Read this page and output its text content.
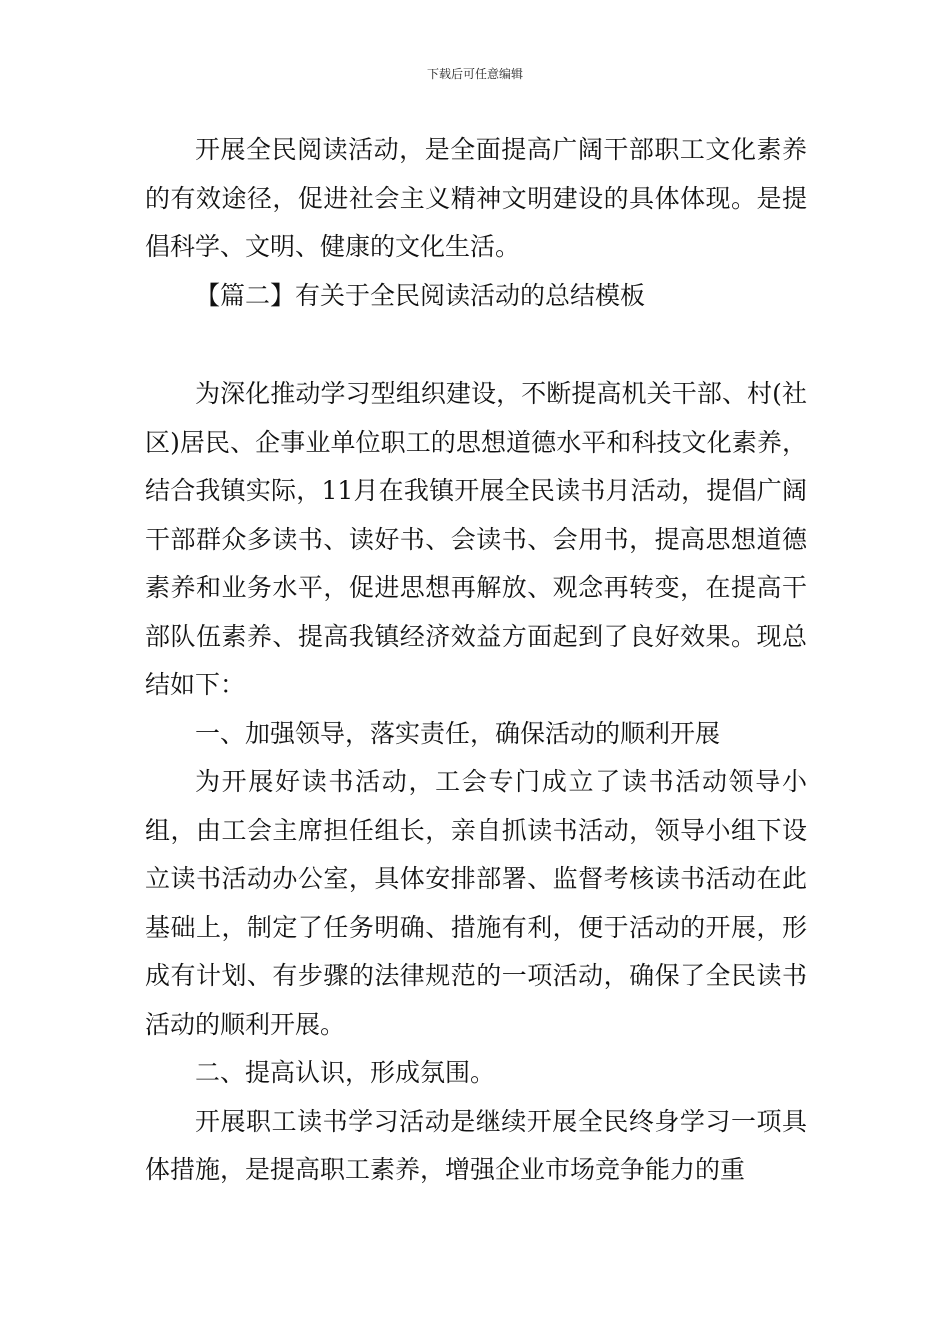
下载后可任意编辑

开展全民阅读活动，是全面提高广阔干部职工文化素养的有效途径，促进社会主义精神文明建设的具体体现。是提倡科学、文明、健康的文化生活。

【篇二】有关于全民阅读活动的总结模板

为深化推动学习型组织建设，不断提高机关干部、村(社区)居民、企事业单位职工的思想道德水平和科技文化素养，结合我镇实际，11月在我镇开展全民读书月活动，提倡广阔干部群众多读书、读好书、会读书、会用书，提高思想道德素养和业务水平，促进思想再解放、观念再转变，在提高干部队伍素养、提高我镇经济效益方面起到了良好效果。现总结如下：

一、加强领导，落实责任，确保活动的顺利开展

为开展好读书活动，工会专门成立了读书活动领导小组，由工会主席担任组长，亲自抓读书活动，领导小组下设立读书活动办公室，具体安排部署、监督考核读书活动在此基础上，制定了任务明确、措施有利，便于活动的开展，形成有计划、有步骤的法律规范的一项活动，确保了全民读书活动的顺利开展。

二、提高认识，形成氛围。

开展职工读书学习活动是继续开展全民终身学习一项具体措施，是提高职工素养，增强企业市场竞争能力的重
